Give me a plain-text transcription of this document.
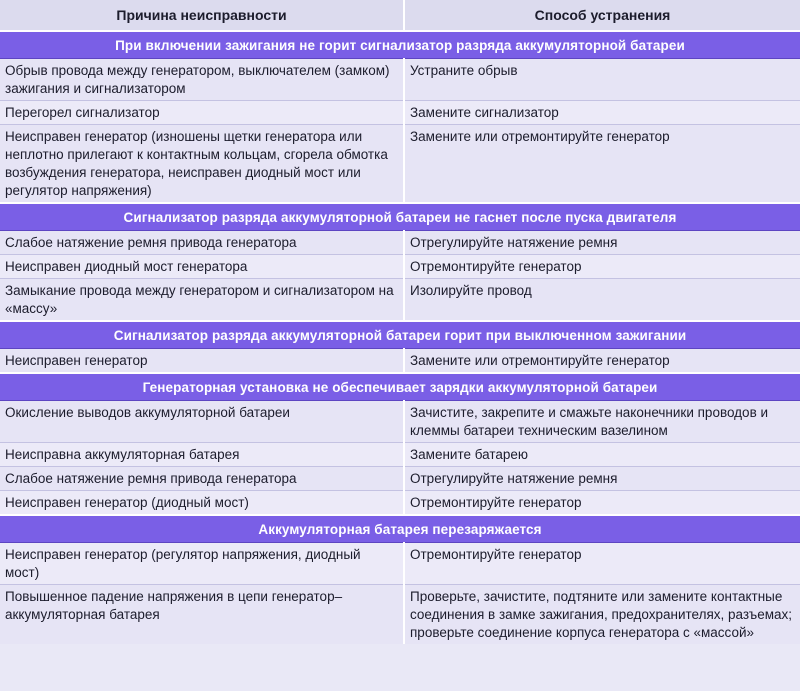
Причина неисправности	Способ устранения
При включении зажигания не горит сигнализатор разряда аккумуляторной батареи	
Обрыв провода между генератором, выключателем (замком) зажигания и сигнализатором	Устраните обрыв
Перегорел сигнализатор	Замените сигнализатор
Неисправен генератор (изношены щетки генератора или неплотно прилегают к контактным кольцам, сгорела обмотка возбуждения генератора, неисправен диодный мост или регулятор напряжения)	Замените или отремонтируйте генератор
Сигнализатор разряда аккумуляторной батареи не гаснет после пуска двигателя	
Слабое натяжение ремня привода генератора	Отрегулируйте натяжение ремня
Неисправен диодный мост генератора	Отремонтируйте генератор
Замыкание провода между генератором и сигнализатором на «массу»	Изолируйте провод
Сигнализатор разряда аккумуляторной батареи горит при выключенном зажигании	
Неисправен генератор	Замените или отремонтируйте генератор
Генераторная установка не обеспечивает зарядки аккумуляторной батареи	
Окисление выводов аккумуляторной батареи	Зачистите, закрепите и смажьте наконечники проводов и клеммы батареи техническим вазелином
Неисправна аккумуляторная батарея	Замените батарею
Слабое натяжение ремня привода генератора	Отрегулируйте натяжение ремня
Неисправен генератор (диодный мост)	Отремонтируйте генератор
Аккумуляторная батарея перезаряжается	
Неисправен генератор (регулятор напряжения, диодный мост)	Отремонтируйте генератор
Повышенное падение напряжения в цепи генератор–аккумуляторная батарея	Проверьте, зачистите, подтяните или замените контактные соединения в замке зажигания, предохранителях, разъемах; проверьте соединение корпуса генератора с «массой»
